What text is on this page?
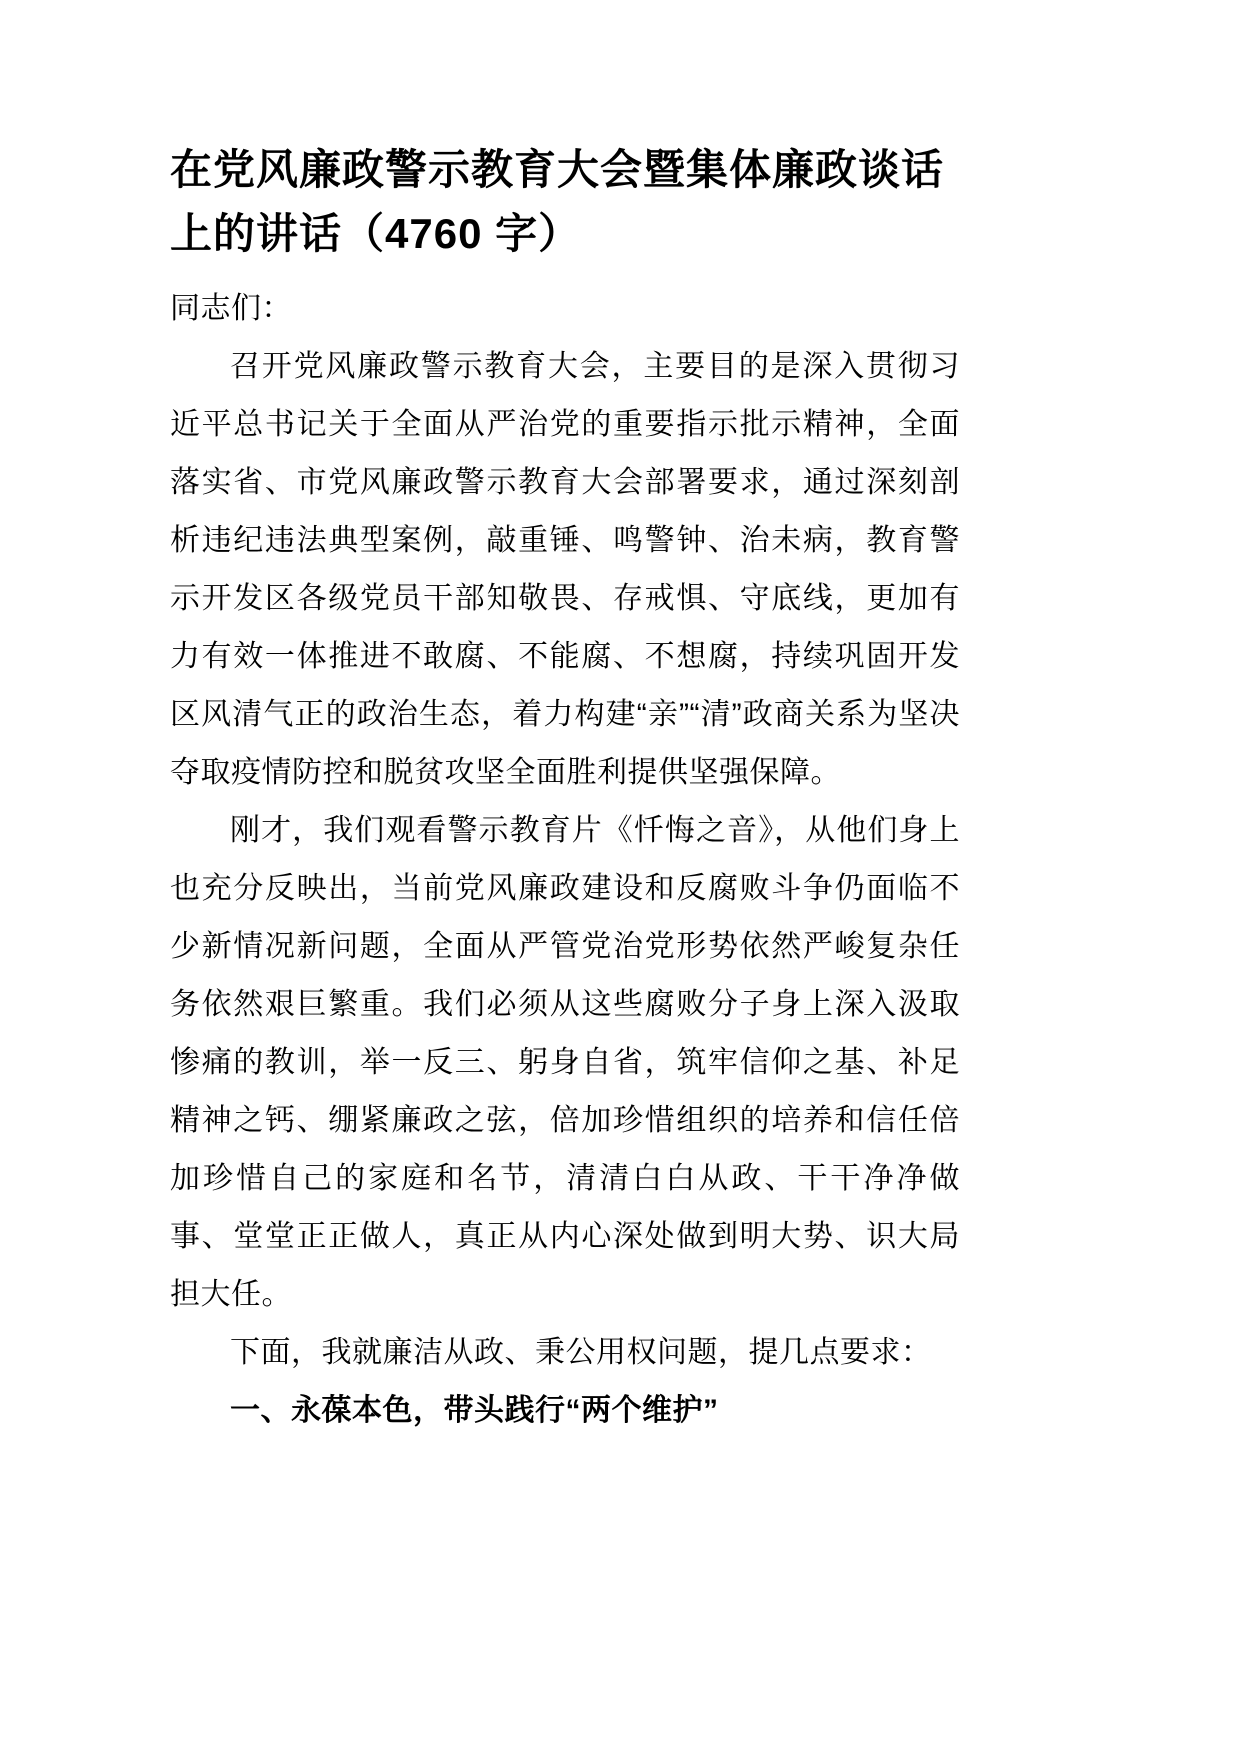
在党风廉政警示教育大会暨集体廉政谈话上的讲话（4760 字）

同志们：

召开党风廉政警示教育大会，主要目的是深入贯彻习近平总书记关于全面从严治党的重要指示批示精神，全面落实省、市党风廉政警示教育大会部署要求，通过深刻剖析违纪违法典型案例，敲重锤、鸣警钟、治未病，教育警示开发区各级党员干部知敬畏、存戒惧、守底线，更加有力有效一体推进不敢腐、不能腐、不想腐，持续巩固开发区风清气正的政治生态，着力构建“亲”“清”政商关系为坚决夺取疫情防控和脱贫攻坚全面胜利提供坚强保障。

刚才，我们观看警示教育片《忏悔之音》，从他们身上也充分反映出，当前党风廉政建设和反腐败斗争仍面临不少新情况新问题，全面从严管党治党形势依然严峻复杂任务依然艰巨繁重。我们必须从这些腐败分子身上深入汲取惨痛的教训，举一反三、躬身自省，筑牢信仰之基、补足精神之钙、绷紧廉政之弦，倍加珍惜组织的培养和信任倍加珍惜自己的家庭和名节，清清白白从政、干干净净做事、堂堂正正做人，真正从内心深处做到明大势、识大局担大任。

下面，我就廉洁从政、秉公用权问题，提几点要求：

一、永葆本色，带头践行“两个维护”
